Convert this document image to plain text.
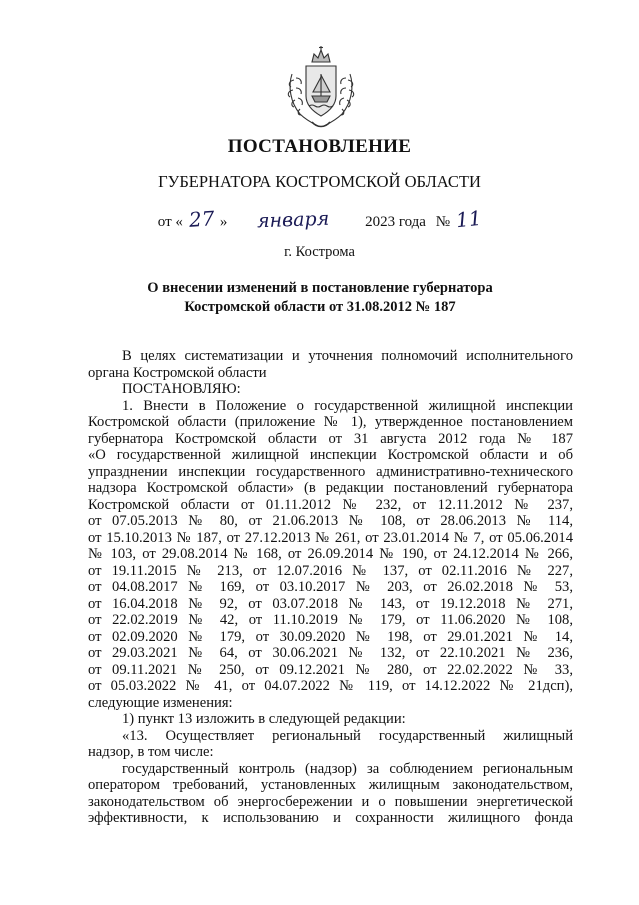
ПОСТАНОВЛЕНИЕ
ГУБЕРНАТОРА КОСТРОМСКОЙ ОБЛАСТИ
от « 27 » января 2023 года № 11
г. Кострома
О внесении изменений в постановление губернатора
Костромской области от 31.08.2012 № 187

В целях систематизации и уточнения полномочий исполнительного

органа Костромской области

ПОСТАНОВЛЯЮ:

1. Внести в Положение о государственной жилищной инспекции

Костромской области (приложение № 1), утвержденное постановлением

губернатора Костромской области от 31 августа 2012 года № 187

«О государственной жилищной инспекции Костромской области и об

упразднении инспекции государственного административно-технического

надзора Костромской области» (в редакции постановлений губернатора

Костромской области от 01.11.2012 № 232, от 12.11.2012 № 237,

от 07.05.2013 № 80, от 21.06.2013 № 108, от 28.06.2013 № 114,

от 15.10.2013 № 187, от 27.12.2013 № 261, от 23.01.2014 № 7, от 05.06.2014

№ 103, от 29.08.2014 № 168, от 26.09.2014 № 190, от 24.12.2014 № 266,

от 19.11.2015 № 213, от 12.07.2016 № 137, от 02.11.2016 № 227,

от 04.08.2017 № 169, от 03.10.2017 № 203, от 26.02.2018 № 53,

от 16.04.2018 № 92, от 03.07.2018 № 143, от 19.12.2018 № 271,

от 22.02.2019 № 42, от 11.10.2019 № 179, от 11.06.2020 № 108,

от 02.09.2020 № 179, от 30.09.2020 № 198, от 29.01.2021 № 14,

от 29.03.2021 № 64, от 30.06.2021 № 132, от 22.10.2021 № 236,

от 09.11.2021 № 250, от 09.12.2021 № 280, от 22.02.2022 № 33,

от 05.03.2022 № 41, от 04.07.2022 № 119, от 14.12.2022 № 21дсп),

следующие изменения:

1) пункт 13 изложить в следующей редакции:

«13. Осуществляет региональный государственный жилищный

надзор, в том числе:

государственный контроль (надзор) за соблюдением региональным

оператором требований, установленных жилищным законодательством,

законодательством об энергосбережении и о повышении энергетической

эффективности, к использованию и сохранности жилищного фонда
